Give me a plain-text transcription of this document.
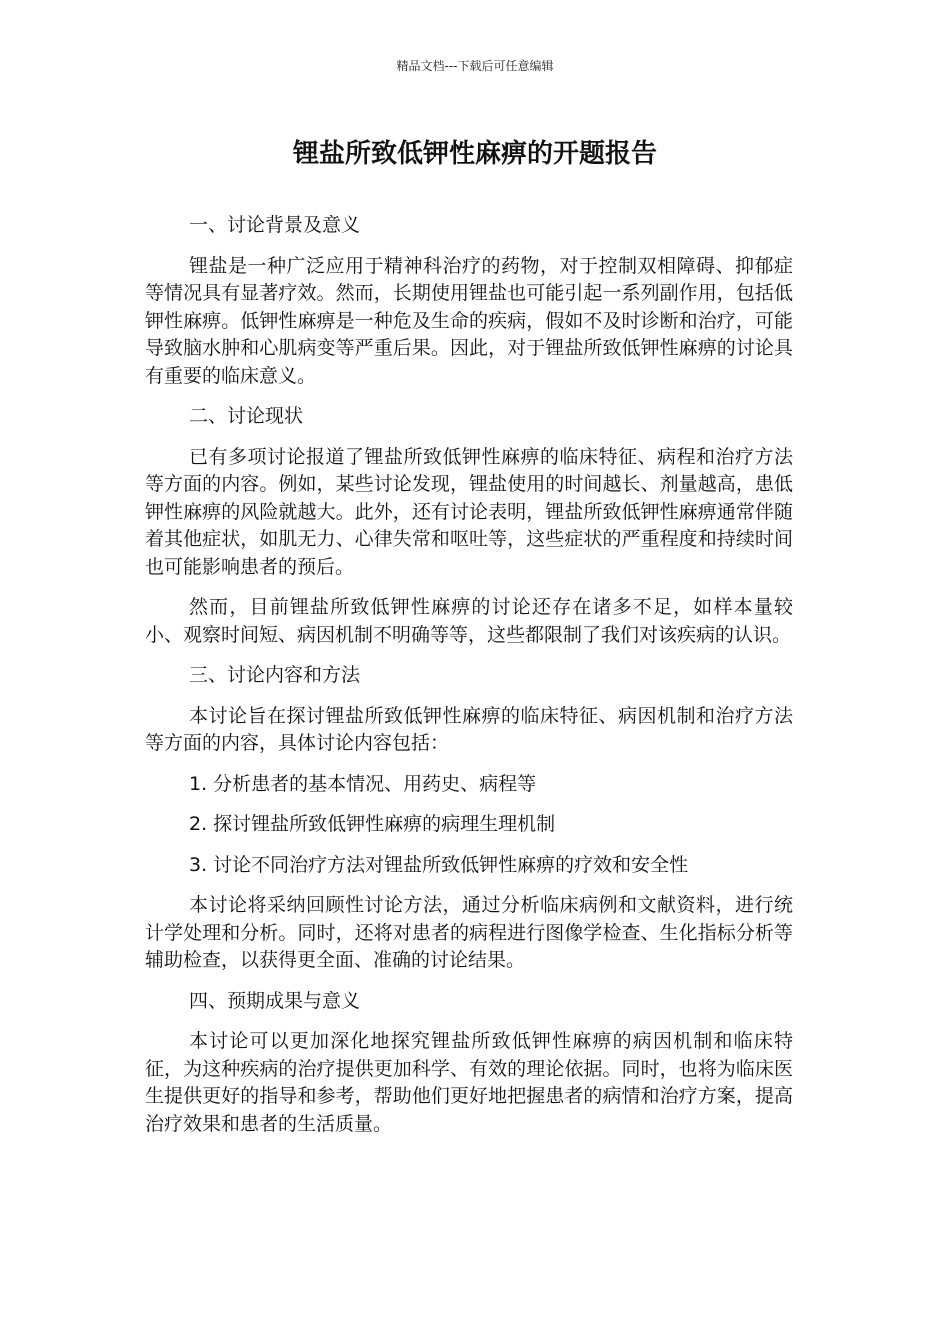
精品文档---下载后可任意编辑
锂盐所致低钾性麻痹的开题报告

一、讨论背景及意义

锂盐是一种广泛应用于精神科治疗的药物，对于控制双相障碍、抑郁症等情况具有显著疗效。然而，长期使用锂盐也可能引起一系列副作用，包括低钾性麻痹。低钾性麻痹是一种危及生命的疾病，假如不及时诊断和治疗，可能导致脑水肿和心肌病变等严重后果。因此，对于锂盐所致低钾性麻痹的讨论具有重要的临床意义。

二、讨论现状

已有多项讨论报道了锂盐所致低钾性麻痹的临床特征、病程和治疗方法等方面的内容。例如，某些讨论发现，锂盐使用的时间越长、剂量越高，患低钾性麻痹的风险就越大。此外，还有讨论表明，锂盐所致低钾性麻痹通常伴随着其他症状，如肌无力、心律失常和呕吐等，这些症状的严重程度和持续时间也可能影响患者的预后。

然而，目前锂盐所致低钾性麻痹的讨论还存在诸多不足，如样本量较小、观察时间短、病因机制不明确等等，这些都限制了我们对该疾病的认识。

三、讨论内容和方法

本讨论旨在探讨锂盐所致低钾性麻痹的临床特征、病因机制和治疗方法等方面的内容，具体讨论内容包括：

1. 分析患者的基本情况、用药史、病程等

2. 探讨锂盐所致低钾性麻痹的病理生理机制

3. 讨论不同治疗方法对锂盐所致低钾性麻痹的疗效和安全性

本讨论将采纳回顾性讨论方法，通过分析临床病例和文献资料，进行统计学处理和分析。同时，还将对患者的病程进行图像学检查、生化指标分析等辅助检查，以获得更全面、准确的讨论结果。

四、预期成果与意义

本讨论可以更加深化地探究锂盐所致低钾性麻痹的病因机制和临床特征，为这种疾病的治疗提供更加科学、有效的理论依据。同时，也将为临床医生提供更好的指导和参考，帮助他们更好地把握患者的病情和治疗方案，提高治疗效果和患者的生活质量。
